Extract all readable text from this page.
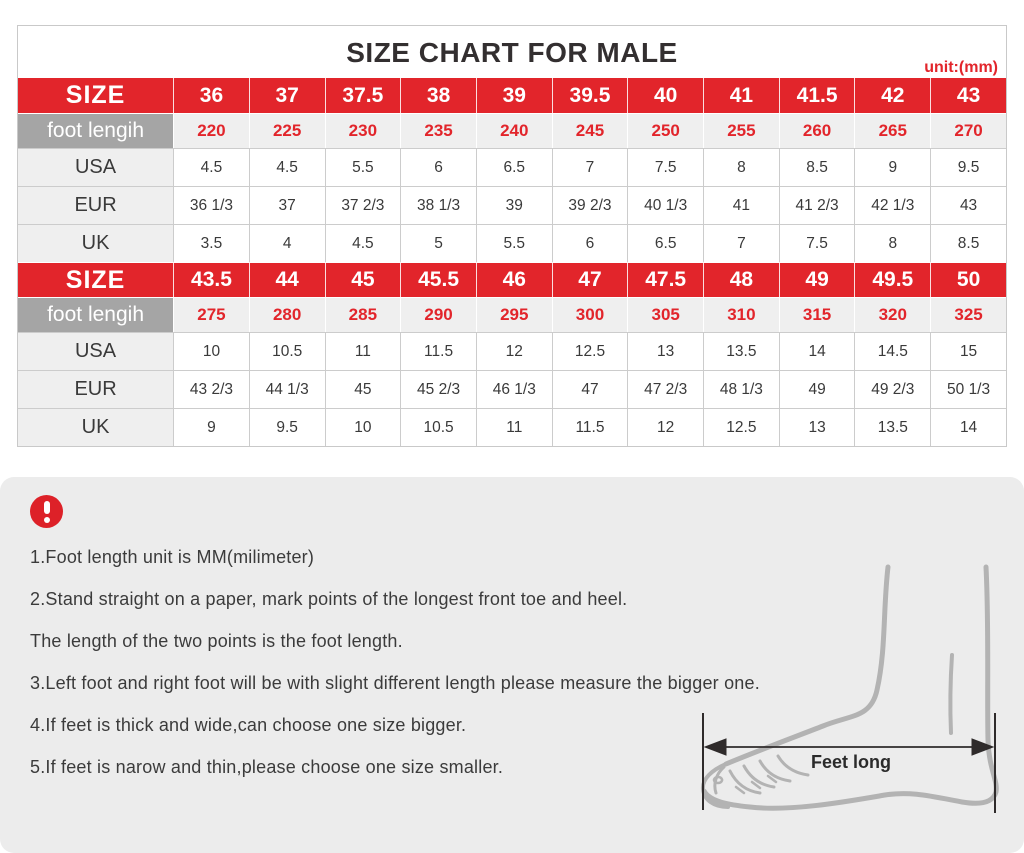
SIZE CHART FOR MALE	unit:(mm)
SIZE	36	37	37.5	38	39	39.5	40	41	41.5	42	43
foot lengih	220	225	230	235	240	245	250	255	260	265	270
USA	4.5	4.5	5.5	6	6.5	7	7.5	8	8.5	9	9.5
EUR	36 1/3	37	37 2/3	38 1/3	39	39 2/3	40 1/3	41	41 2/3	42 1/3	43
UK	3.5	4	4.5	5	5.5	6	6.5	7	7.5	8	8.5
SIZE	43.5	44	45	45.5	46	47	47.5	48	49	49.5	50
foot lengih	275	280	285	290	295	300	305	310	315	320	325
USA	10	10.5	11	11.5	12	12.5	13	13.5	14	14.5	15
EUR	43 2/3	44 1/3	45	45 2/3	46 1/3	47	47 2/3	48 1/3	49	49 2/3	50 1/3
UK	9	9.5	10	10.5	11	11.5	12	12.5	13	13.5	14
1.Foot length unit is MM(milimeter)
2.Stand straight on a paper, mark points of the longest front toe and heel.
The length of the two points is the foot length.
3.Left foot and right foot will be with slight different length please measure the bigger one.
4.If feet is thick and wide,can choose one size bigger.
5.If feet is narow and thin,please choose one size smaller.	Feet long
